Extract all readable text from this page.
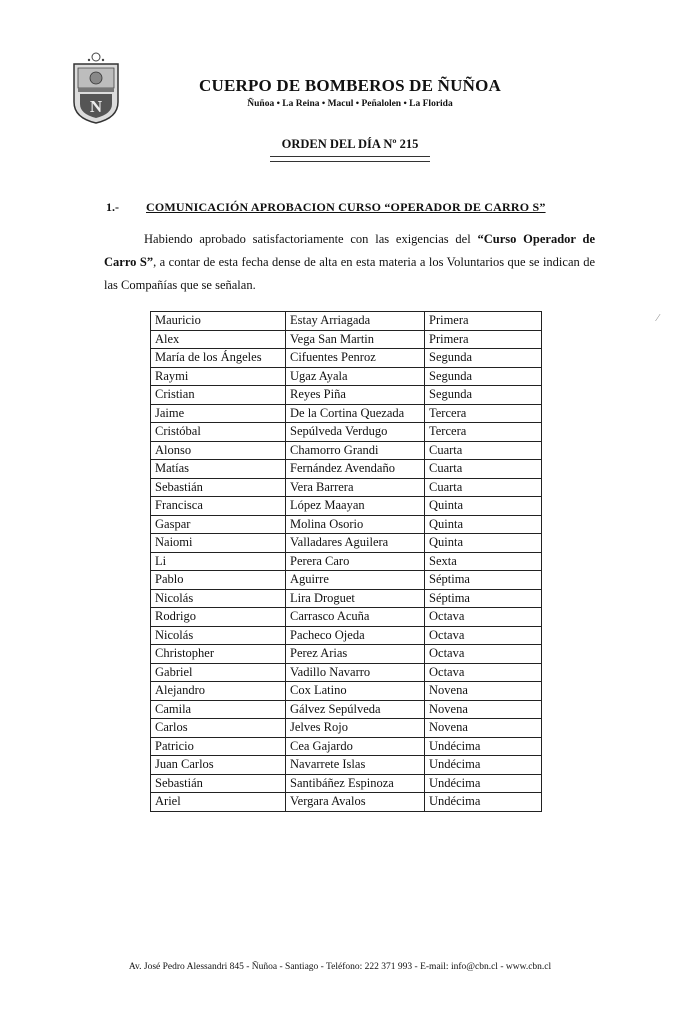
N
CUERPO DE BOMBEROS DE ÑUÑOA
Ñuñoa • La Reina • Macul • Peñalolen • La Florida
ORDEN DEL DÍA Nº 215
1.- COMUNICACIÓN APROBACION CURSO “OPERADOR DE CARRO S”
Habiendo aprobado satisfactoriamente con las exigencias del “Curso Operador de Carro S”, a contar de esta fecha dense de alta en esta materia a los Voluntarios que se indican de las Compañías que se señalan.
Mauricio	Estay Arriagada	Primera
Alex	Vega San Martin	Primera
María de los Ángeles	Cifuentes Penroz	Segunda
Raymi	Ugaz Ayala	Segunda
Cristian	Reyes Piña	Segunda
Jaime	De la Cortina Quezada	Tercera
Cristóbal	Sepúlveda Verdugo	Tercera
Alonso	Chamorro Grandi	Cuarta
Matías	Fernández Avendaño	Cuarta
Sebastián	Vera Barrera	Cuarta
Francisca	López Maayan	Quinta
Gaspar	Molina Osorio	Quinta
Naiomi	Valladares Aguilera	Quinta
Li	Perera Caro	Sexta
Pablo	Aguirre	Séptima
Nicolás	Lira Droguet	Séptima
Rodrigo	Carrasco Acuña	Octava
Nicolás	Pacheco Ojeda	Octava
Christopher	Perez Arias	Octava
Gabriel	Vadillo Navarro	Octava
Alejandro	Cox Latino	Novena
Camila	Gálvez Sepúlveda	Novena
Carlos	Jelves Rojo	Novena
Patricio	Cea Gajardo	Undécima
Juan Carlos	Navarrete Islas	Undécima
Sebastián	Santibáñez Espinoza	Undécima
Ariel	Vergara Avalos	Undécima
⁄
Av. José Pedro Alessandri 845 - Ñuñoa - Santiago - Teléfono: 222 371 993 - E-mail: info@cbn.cl - www.cbn.cl
